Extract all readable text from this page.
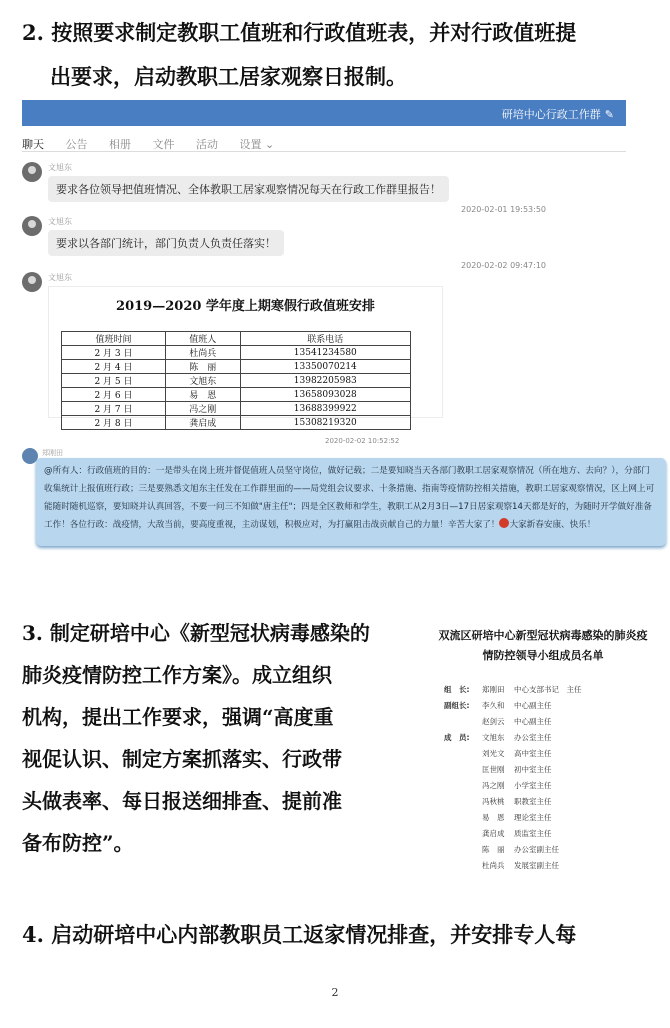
2. 按照要求制定教职工值班和行政值班表，并对行政值班提
出要求，启动教职工居家观察日报制。
研培中心行政工作群 ✎
聊天 公告 相册 文件 活动 设置 ⌄
文旭东
要求各位领导把值班情况、全体教职工居家观察情况每天在行政工作群里报告！
2020-02-01 19:53:50
文旭东
要求以各部门统计，部门负责人负责任落实！
2020-02-02 09:47:10
文旭东
2019—2020 学年度上期寒假行政值班安排
值班时间	值班人	联系电话
2 月 3 日	杜尚兵	13541234580
2 月 4 日	陈　丽	13350070214
2 月 5 日	文旭东	13982205983
2 月 6 日	易　恩	13658093028
2 月 7 日	冯之刚	13688399922
2 月 8 日	龚启成	15308219320
2020-02-02 10:52:52
郑刚田
@所有人：行政值班的目的：一是带头在岗上班并督促值班人员坚守岗位，做好记载；二是要知晓当天各部门教职工居家观察情况（所在地方、去向？），分部门收集统计上报值班行政；三是要熟悉文旭东主任发在工作群里面的——局党组会议要求、十条措施、指南等疫情防控相关措施，教职工居家观察情况，区上网上可能随时随机巡察，要知晓并认真回答，不要一问三不知做"唐主任"；四是全区教师和学生，教职工从2月3日—17日居家观察14天都是好的，为随时开学做好准备工作！各位行政：战疫情，大敌当前，要高度重视，主动谋划，积极应对，为打赢阻击战贡献自己的力量！辛苦大家了！ 大家新春安康、快乐！
3. 制定研培中心《新型冠状病毒感染的
肺炎疫情防控工作方案》。成立组织
机构，提出工作要求，强调“高度重
视促认识、制定方案抓落实、行政带
头做表率、每日报送细排查、提前准
备布防控”。
双流区研培中心新型冠状病毒感染的肺炎疫
情防控领导小组成员名单
组　长: 郑刚田 中心支部书记　主任
副组长: 李久和 中心副主任
赵剑云 中心副主任
成　员: 文旭东 办公室主任
刘光文 高中室主任
匡世刚 初中室主任
冯之刚 小学室主任
冯秋桃 职教室主任
易　恩 理论室主任
龚启成 质监室主任
陈　丽 办公室副主任
杜尚兵 发展室副主任
4. 启动研培中心内部教职员工返家情况排查，并安排专人每
2
